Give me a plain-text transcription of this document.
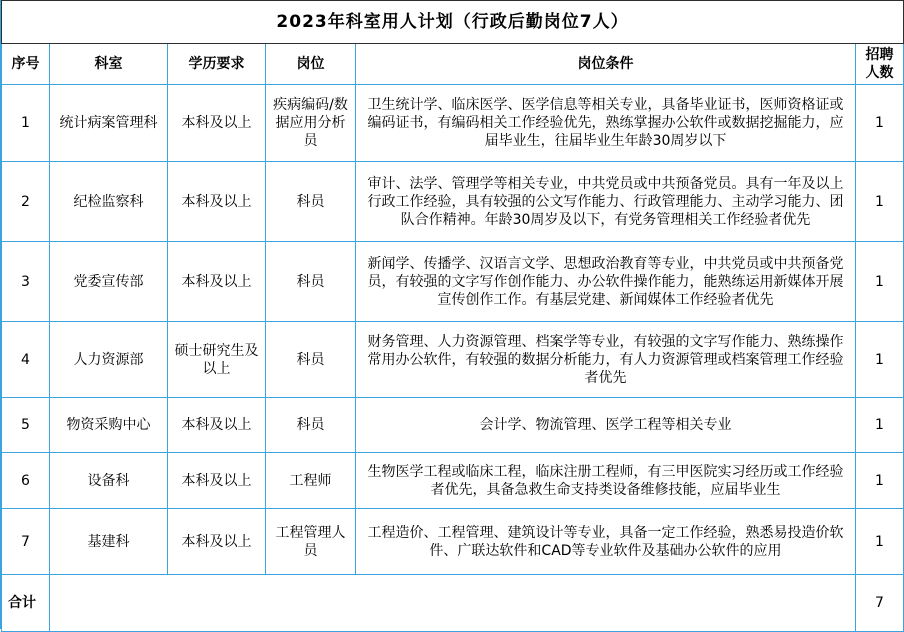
2023年科室用人计划（行政后勤岗位7人）					
序号	科室	学历要求	岗位	岗位条件	招聘人数
1	统计病案管理科	本科及以上	疾病编码/数据应用分析员	卫生统计学、临床医学、医学信息等相关专业，具备毕业证书，医师资格证或编码证书，有编码相关工作经验优先，熟练掌握办公软件或数据挖掘能力，应届毕业生，往届毕业生年龄30周岁以下	1
2	纪检监察科	本科及以上	科员	审计、法学、管理学等相关专业，中共党员或中共预备党员。具有一年及以上行政工作经验，具有较强的公文写作能力、行政管理能力、主动学习能力、团队合作精神。年龄30周岁及以下，有党务管理相关工作经验者优先	1
3	党委宣传部	本科及以上	科员	新闻学、传播学、汉语言文学、思想政治教育等专业，中共党员或中共预备党员，有较强的文字写作创作能力、办公软件操作能力，能熟练运用新媒体开展宣传创作工作。有基层党建、新闻媒体工作经验者优先	1
4	人力资源部	硕士研究生及以上	科员	财务管理、人力资源管理、档案学等专业，有较强的文字写作能力、熟练操作常用办公软件，有较强的数据分析能力，有人力资源管理或档案管理工作经验者优先	1
5	物资采购中心	本科及以上	科员	会计学、物流管理、医学工程等相关专业	1
6	设备科	本科及以上	工程师	生物医学工程或临床工程，临床注册工程师，有三甲医院实习经历或工作经验者优先，具备急救生命支持类设备维修技能，应届毕业生	1
7	基建科	本科及以上	工程管理人员	工程造价、工程管理、建筑设计等专业，具备一定工作经验，熟悉易投造价软件、广联达软件和CAD等专业软件及基础办公软件的应用	1
合计					7
